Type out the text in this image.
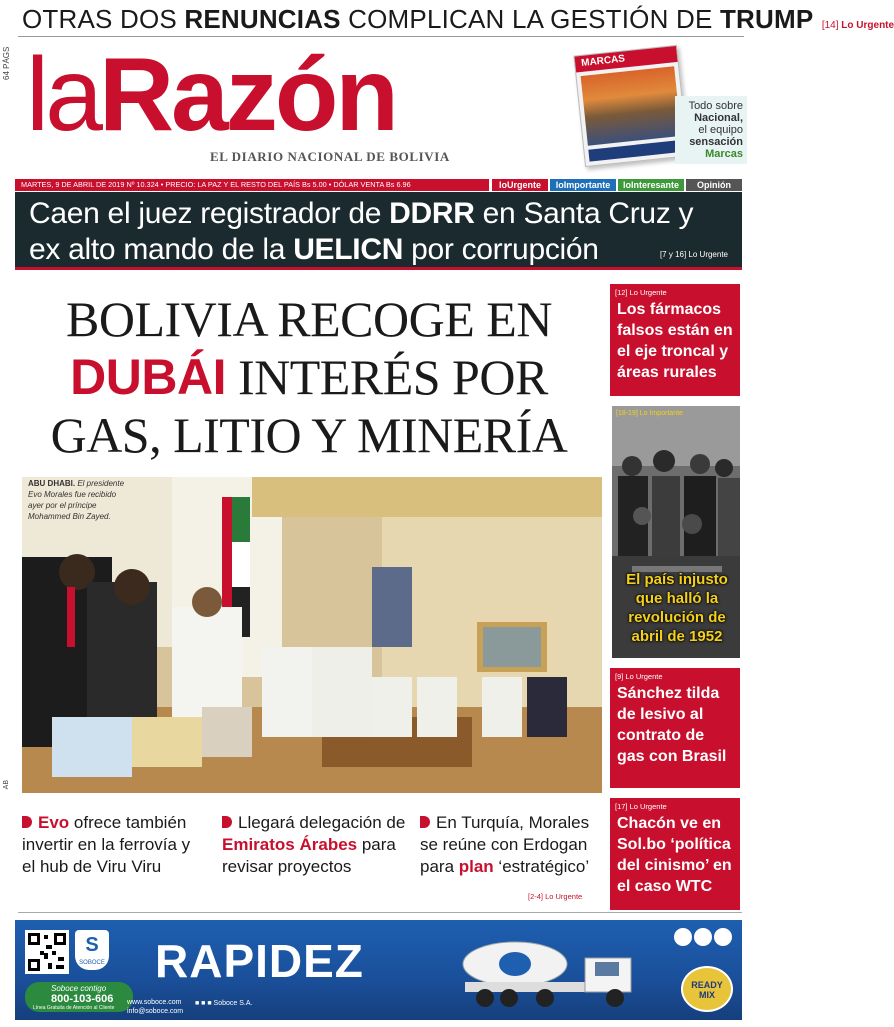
OTRAS DOS RENUNCIAS COMPLICAN LA GESTIÓN DE TRUMP [14] Lo Urgente
64 PÁGS
AB
laRazón
EL DIARIO NACIONAL DE BOLIVIA
MARCAS
Todo sobre
Nacional,
el equipo
sensación
Marcas
MARTES, 9 DE ABRIL DE 2019 Nº 10.324 • PRECIO: LA PAZ Y EL RESTO DEL PAÍS Bs 5.00 • DÓLAR VENTA Bs 6.96	loUrgente	loImportante	loInteresante	Opinión
Caen el juez registrador de DDRR en Santa Cruz y ex alto mando de la UELICN por corrupción	[7 y 16] Lo Urgente
BOLIVIA RECOGE EN
DUBÁI INTERÉS POR
GAS, LITIO Y MINERÍA
ABU DHABI. El presidente Evo Morales fue recibido ayer por el príncipe Mohammed Bin Zayed.
Evo ofrece también invertir en la ferrovía y el hub de Viru Viru
Llegará delegación de Emiratos Árabes para revisar proyectos
En Turquía, Morales se reúne con Erdogan para plan ‘estratégico’
[2-4] Lo Urgente
[12] Lo Urgente
Los fármacos falsos están en el eje troncal y áreas rurales
[9] Lo Urgente
Sánchez tilda de lesivo al contrato de gas con Brasil
[17] Lo Urgente
Chacón ve en Sol.bo ‘política del cinismo’ en el caso WTC
[18-19] Lo Importante
El país injusto que halló la revolución de abril de 1952
S
SOBOCE RAPIDEZ
Soboce contigo
800-103-606
Línea Gratuita de Atención al Cliente
www.soboce.com
info@soboce.com
■ ■ ■ Soboce S.A.
READY MIX
